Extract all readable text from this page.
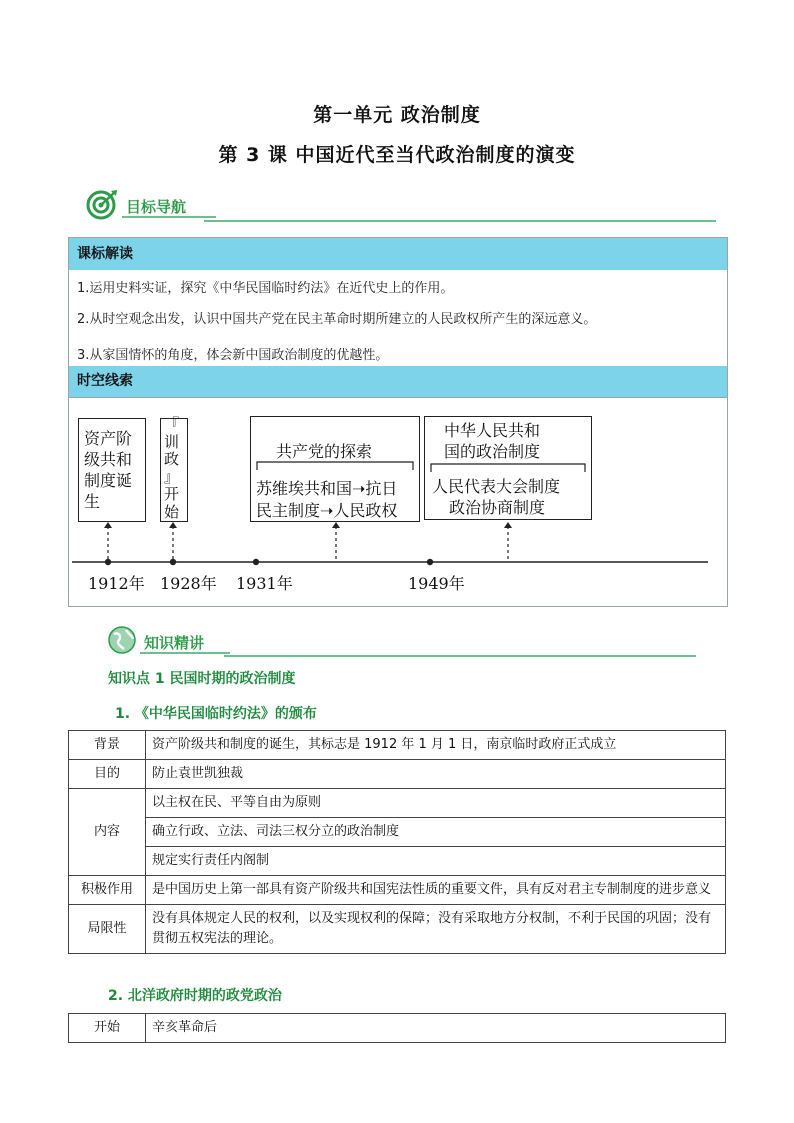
第一单元 政治制度
第 3 课 中国近代至当代政治制度的演变
目标导航
课标解读
1.运用史料实证，探究《中华民国临时约法》在近代史上的作用。
2.从时空观念出发，认识中国共产党在民主革命时期所建立的人民政权所产生的深远意义。
3.从家国情怀的角度，体会新中国政治制度的优越性。
时空线索
资产阶
级共和
制度诞
生
『
训
政
』
开
始
共产党的探索
苏维埃共和国➝抗日
民主制度➝人民政权
中华人民共和
国的政治制度
人民代表大会制度
政治协商制度
1912年 1928年 1931年	1949年
知识精讲
知识点 1 民国时期的政治制度
1. 《中华民国临时约法》的颁布
背景	资产阶级共和制度的诞生，其标志是 1912 年 1 月 1 日，南京临时政府正式成立
目的	防止袁世凯独裁
内容	以主权在民、平等自由为原则
	确立行政、立法、司法三权分立的政治制度
	规定实行责任内阁制
积极作用	是中国历史上第一部具有资产阶级共和国宪法性质的重要文件，具有反对君主专制制度的进步意义
局限性	没有具体规定人民的权利，以及实现权利的保障；没有采取地方分权制，不利于民国的巩固；没有贯彻五权宪法的理论。
2. 北洋政府时期的政党政治
开始	辛亥革命后
